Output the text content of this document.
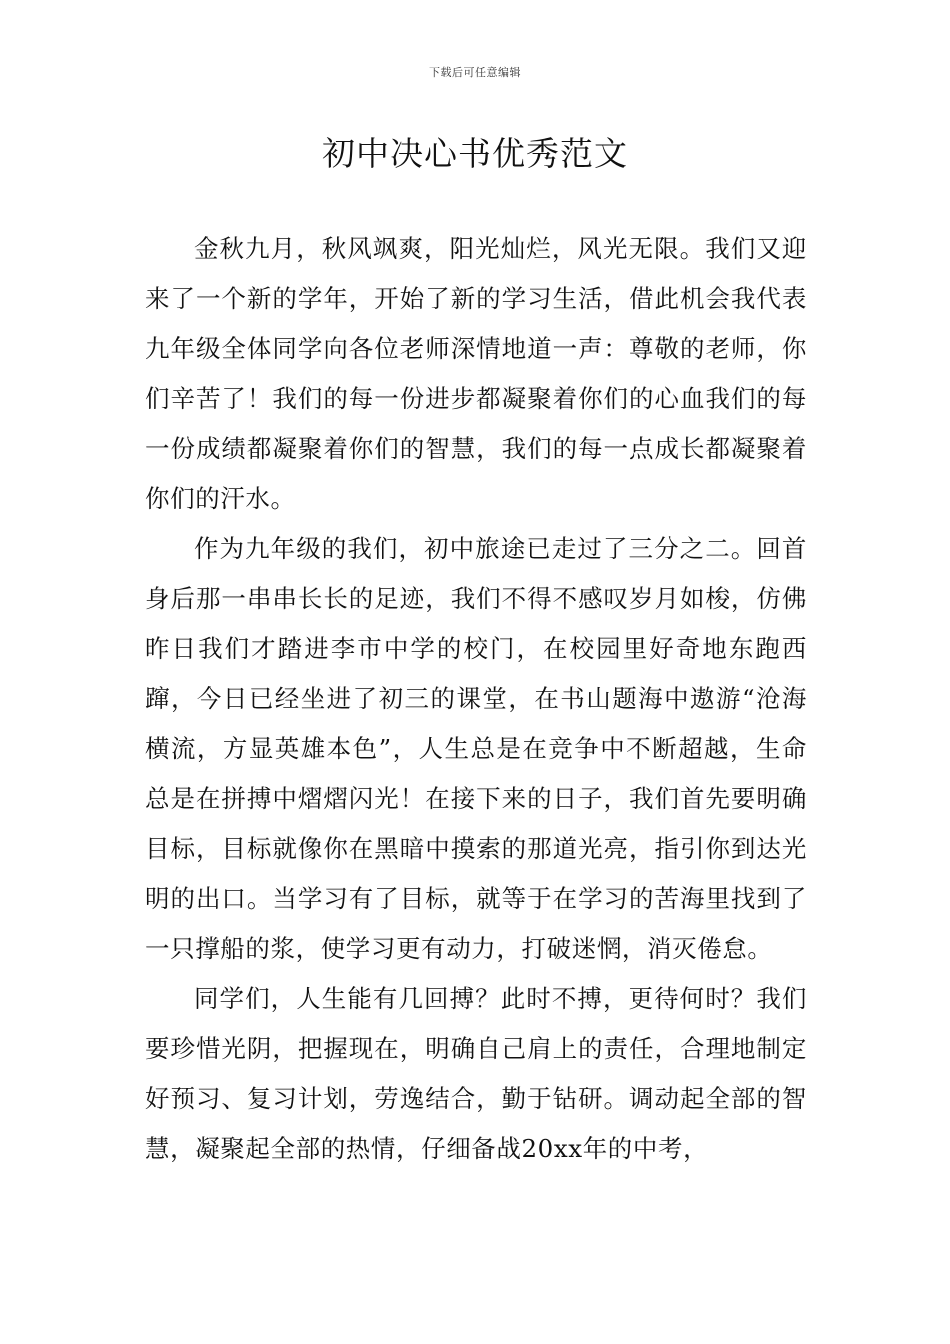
下载后可任意编辑
初中决心书优秀范文

金秋九月，秋风飒爽，阳光灿烂，风光无限。我们又迎来了一个新的学年，开始了新的学习生活，借此机会我代表九年级全体同学向各位老师深情地道一声：尊敬的老师，你们辛苦了！我们的每一份进步都凝聚着你们的心血我们的每一份成绩都凝聚着你们的智慧，我们的每一点成长都凝聚着你们的汗水。

作为九年级的我们，初中旅途已走过了三分之二。回首身后那一串串长长的足迹，我们不得不感叹岁月如梭，仿佛昨日我们才踏进李市中学的校门，在校园里好奇地东跑西蹿，今日已经坐进了初三的课堂，在书山题海中遨游“沧海横流，方显英雄本色”，人生总是在竞争中不断超越，生命总是在拼搏中熠熠闪光！在接下来的日子，我们首先要明确目标，目标就像你在黑暗中摸索的那道光亮，指引你到达光明的出口。当学习有了目标，就等于在学习的苦海里找到了一只撑船的浆，使学习更有动力，打破迷惘，消灭倦怠。

同学们，人生能有几回搏？此时不搏，更待何时？我们要珍惜光阴，把握现在，明确自己肩上的责任，合理地制定好预习、复习计划，劳逸结合，勤于钻研。调动起全部的智慧，凝聚起全部的热情，仔细备战20xx年的中考，
